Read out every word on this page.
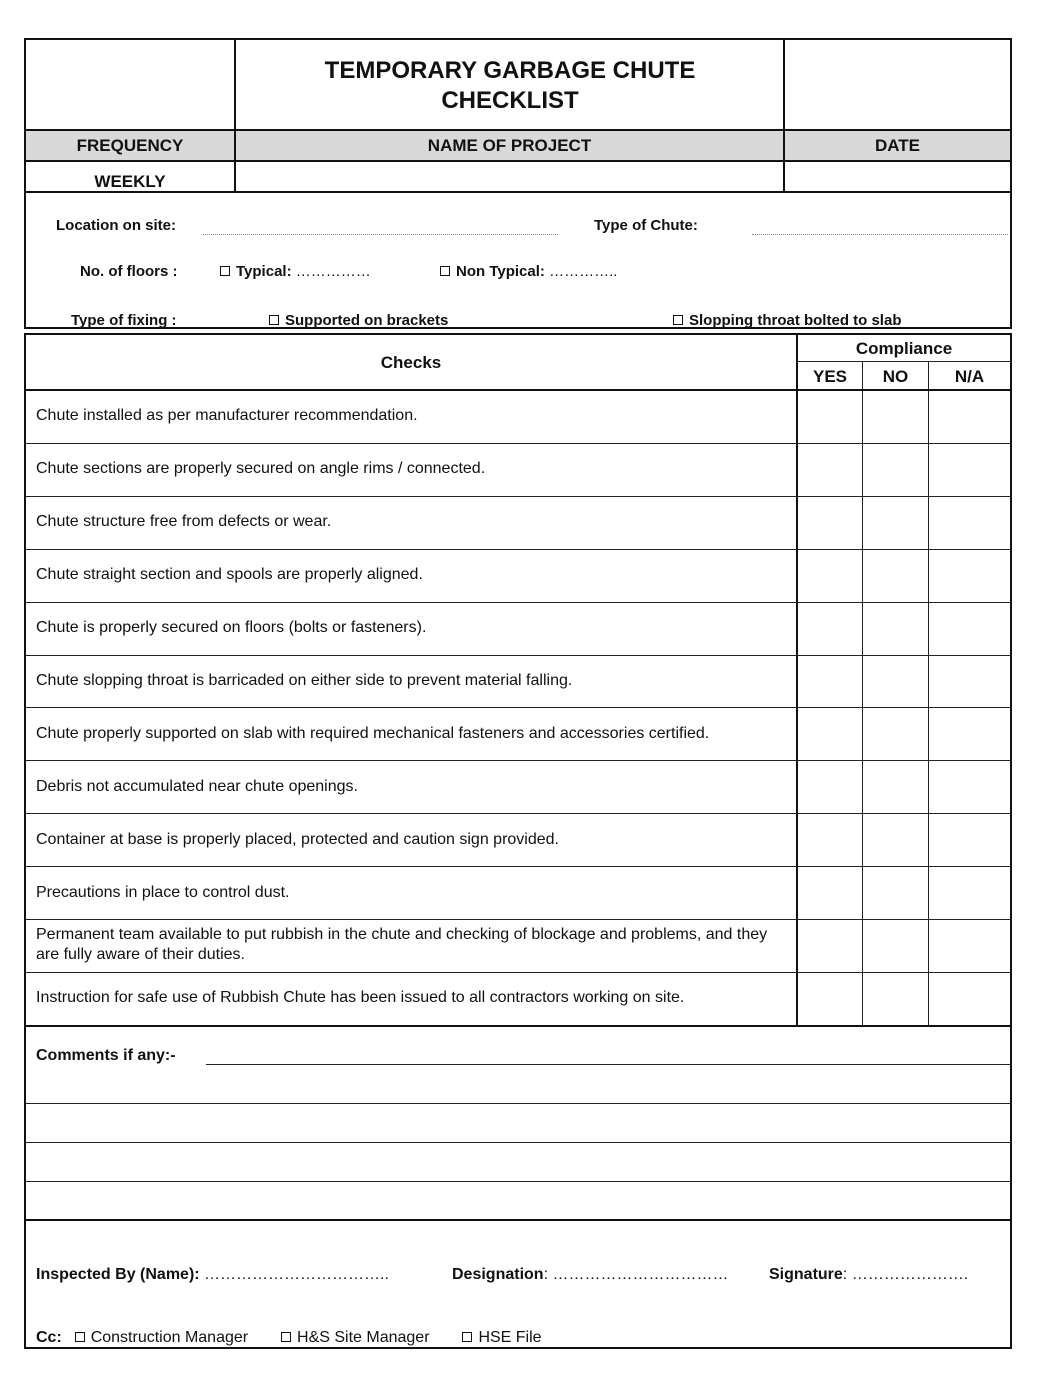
TEMPORARY GARBAGE CHUTE
CHECKLIST
FREQUENCY	NAME OF PROJECT	DATE
WEEKLY
Location on site:	Type of Chute:
No. of floors :	Typical: ……………	Non Typical: …………..
Type of fixing :	Supported on brackets	Slopping throat bolted to slab
Checks
Compliance
YES	NO	N/A
Chute installed as per manufacturer recommendation.
Chute sections are properly secured on angle rims / connected.
Chute structure free from defects or wear.
Chute straight section and spools are properly aligned.
Chute is properly secured on floors (bolts or fasteners).
Chute slopping throat is barricaded on either side to prevent material falling.
Chute properly supported on slab with required mechanical fasteners and accessories certified.
Debris not accumulated near chute openings.
Container at base is properly placed, protected and caution sign provided.
Precautions in place to control dust.
Permanent team available to put rubbish in the chute and checking of blockage and problems, and they are fully aware of their duties.
Instruction for safe use of Rubbish Chute has been issued to all contractors working on site.
Comments if any:-
Inspected By (Name): ……………………………..	Designation: ……………………………	Signature: ………………….
Cc: Construction Manager	H&S Site Manager	HSE File
